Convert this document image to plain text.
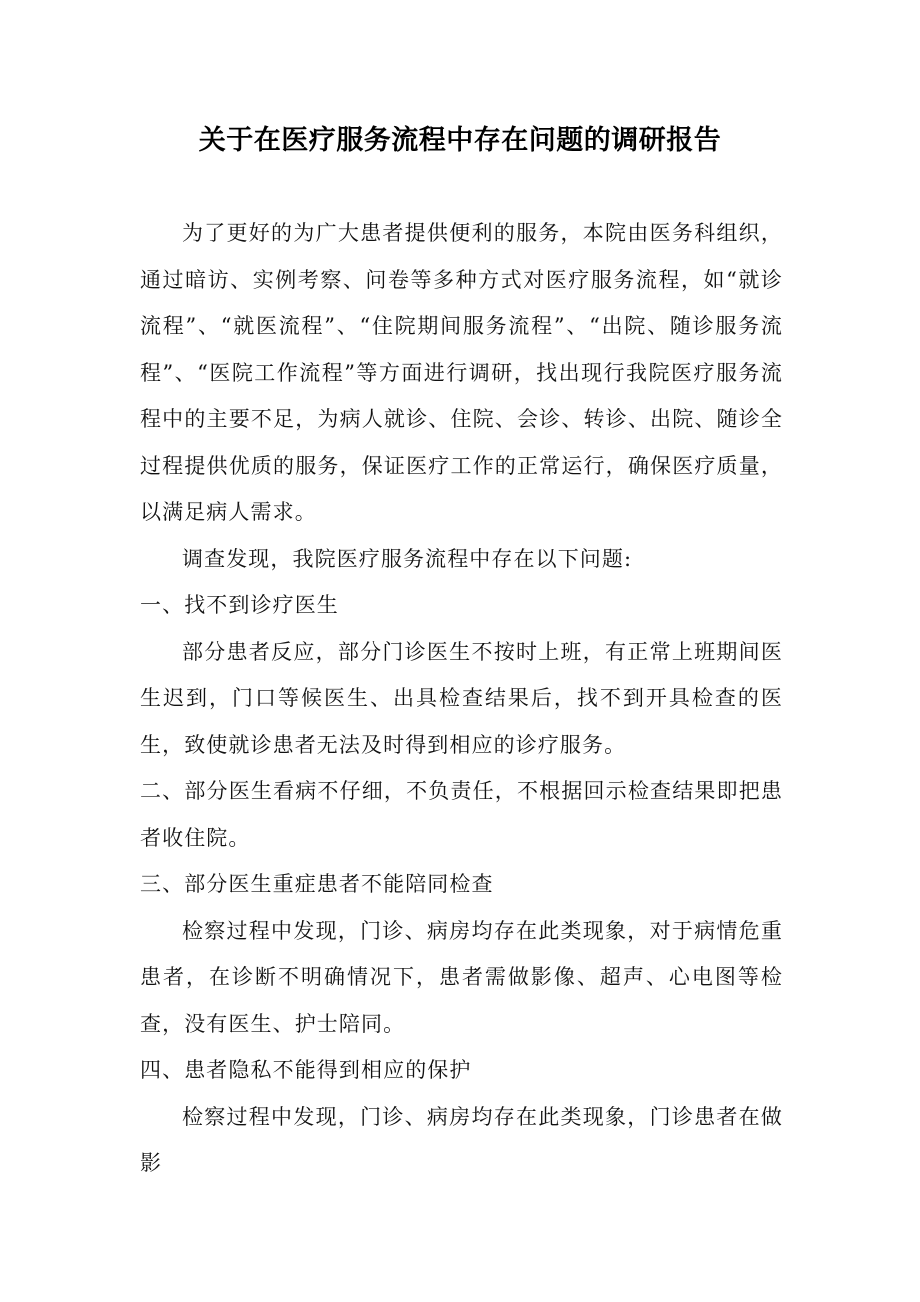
关于在医疗服务流程中存在问题的调研报告

为了更好的为广大患者提供便利的服务，本院由医务科组织，通过暗访、实例考察、问卷等多种方式对医疗服务流程，如“就诊流程”、“就医流程”、“住院期间服务流程”、“出院、随诊服务流程”、“医院工作流程”等方面进行调研，找出现行我院医疗服务流程中的主要不足，为病人就诊、住院、会诊、转诊、出院、随诊全过程提供优质的服务，保证医疗工作的正常运行，确保医疗质量，以满足病人需求。

调查发现，我院医疗服务流程中存在以下问题:

一、找不到诊疗医生

部分患者反应，部分门诊医生不按时上班，有正常上班期间医生迟到，门口等候医生、出具检查结果后，找不到开具检查的医生，致使就诊患者无法及时得到相应的诊疗服务。

二、部分医生看病不仔细，不负责任，不根据回示检查结果即把患者收住院。

三、部分医生重症患者不能陪同检查

检察过程中发现，门诊、病房均存在此类现象，对于病情危重患者，在诊断不明确情况下，患者需做影像、超声、心电图等检查，没有医生、护士陪同。

四、患者隐私不能得到相应的保护

检察过程中发现，门诊、病房均存在此类现象，门诊患者在做影
